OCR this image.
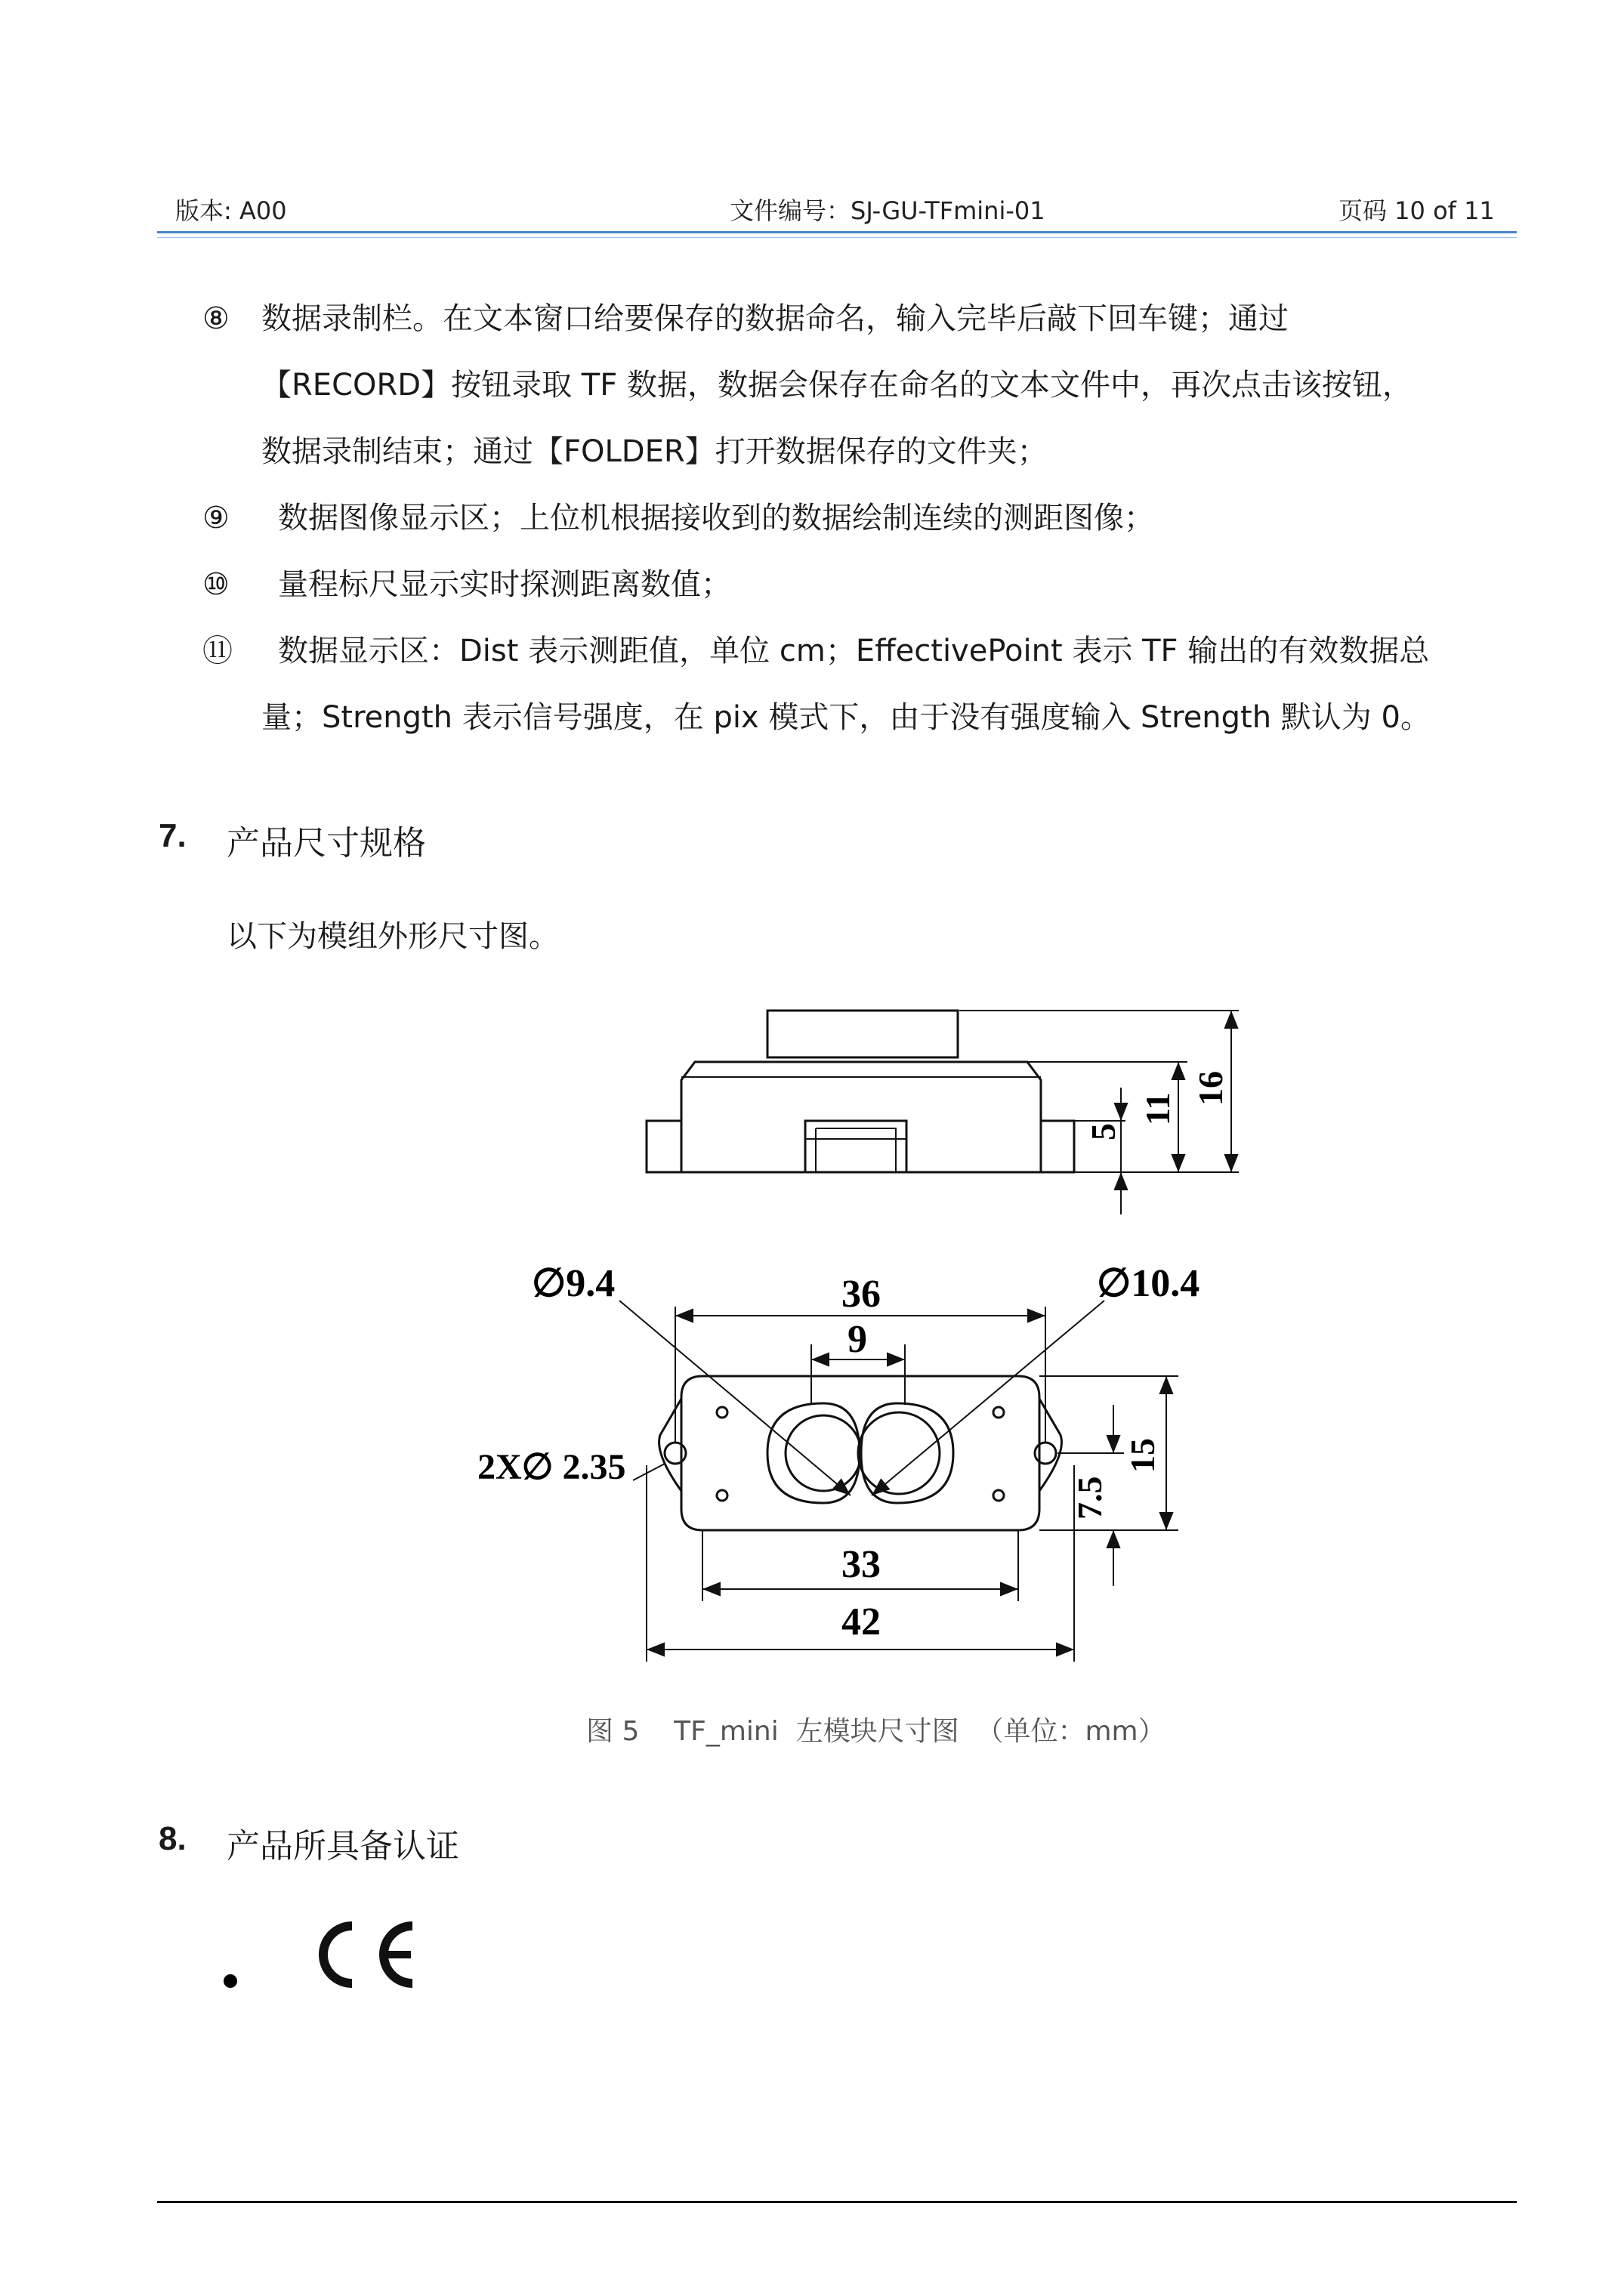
版本: A00	文件编号：SJ-GU-TFmini-01	页码 10 of 11
⑧ 数据录制栏。在文本窗口给要保存的数据命名，输入完毕后敲下回车键；通过
【RECORD】按钮录取 TF 数据，数据会保存在命名的文本文件中，再次点击该按钮，
数据录制结束；通过【FOLDER】打开数据保存的文件夹；
⑨ 数据图像显示区；上位机根据接收到的数据绘制连续的测距图像；
⑩ 量程标尺显示实时探测距离数值；
⑪ 数据显示区：Dist 表示测距值，单位 cm；EffectivePoint 表示 TF 输出的有效数据总
量；Strength 表示信号强度，在 pix 模式下，由于没有强度输入 Strength 默认为 0。
7. 产品尺寸规格
以下为模组外形尺寸图。
5
11
16
∅9.4	∅10.4
36
9
2X∅ 2.35	15
7.5
33
42
图 5    TF_mini  左模块尺寸图  （单位：mm）
8. 产品所具备认证
